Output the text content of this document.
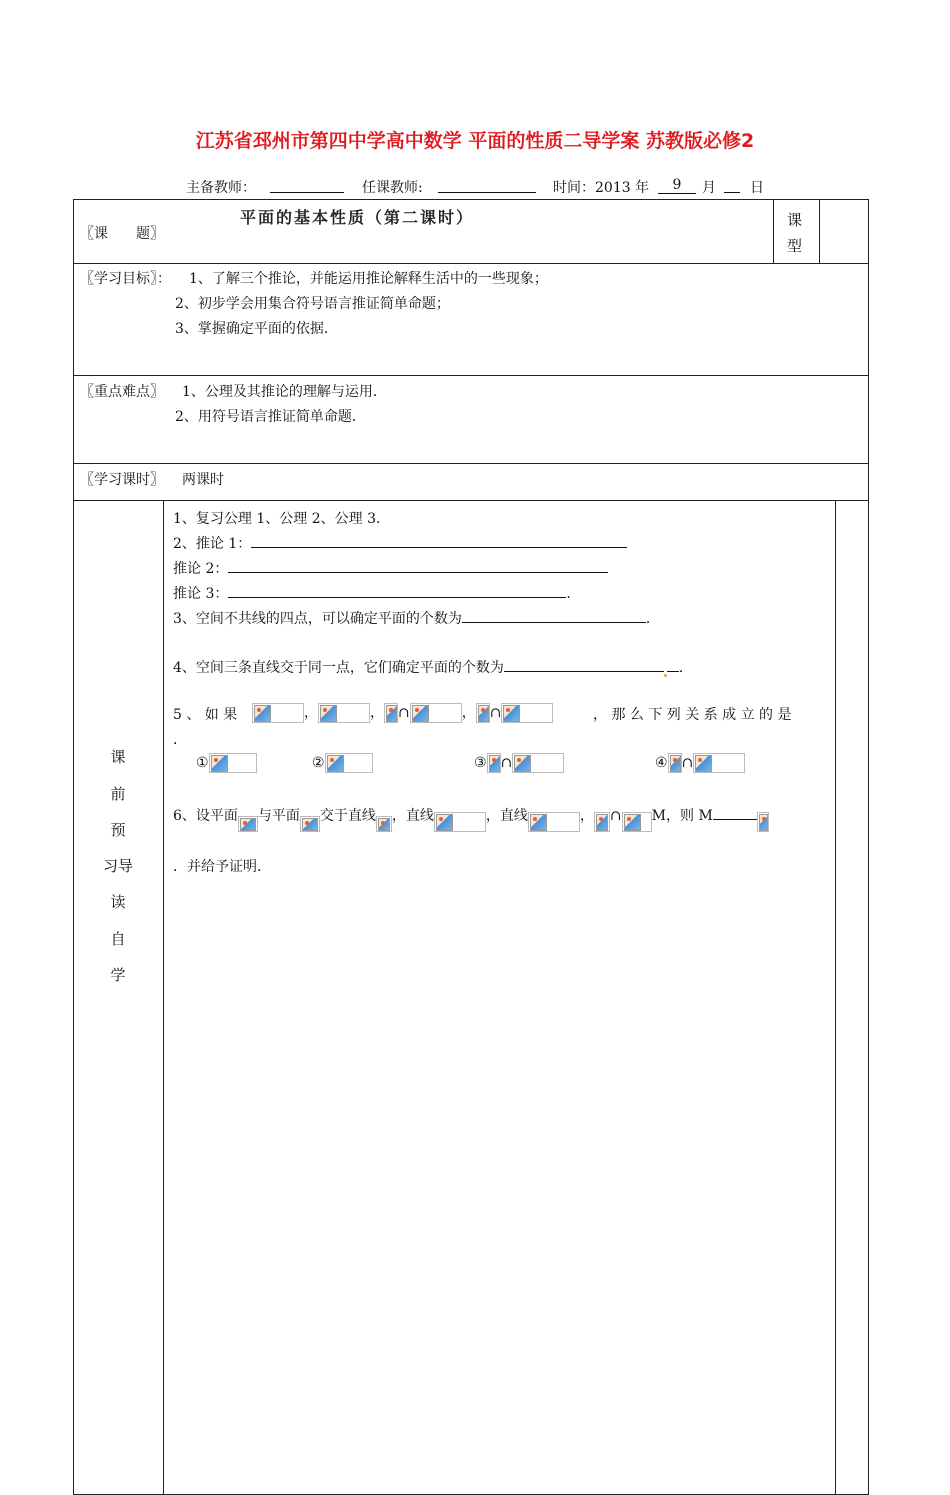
江苏省邳州市第四中学高中数学 平面的性质二导学案 苏教版必修2
主备教师：	任课教师:	时间：2013 年	9	月 日
〖课　　题〗
平面的基本性质（第二课时）	课
型
〖学习目标〗： 1、了解三个推论，并能运用推论解释生活中的一些现象；
2、初步学会用集合符号语言推证简单命题；
3、掌握确定平面的依据．
〖重点难点〗 1、公理及其推论的理解与运用．
2、用符号语言推证简单命题．
〖学习课时〗 两课时
课
前
预
习导
读
自
学
1、复习公理 1、公理 2、公理 3．
2、推论 1：
推论 2：
推论 3：	．
3、空间不共线的四点，可以确定平面的个数为	．
4、空间三条直线交于同一点，它们确定平面的个数为	．
5 、 如 果	，	， ∩	， ∩	， 那 么 下 列 关 系 成 立 的 是
．
①	②	③ ∩	④ ∩
6、设平面 与平面 交于直线 ，直线	，直线	， ∩ M，则 M
．并给予证明．
